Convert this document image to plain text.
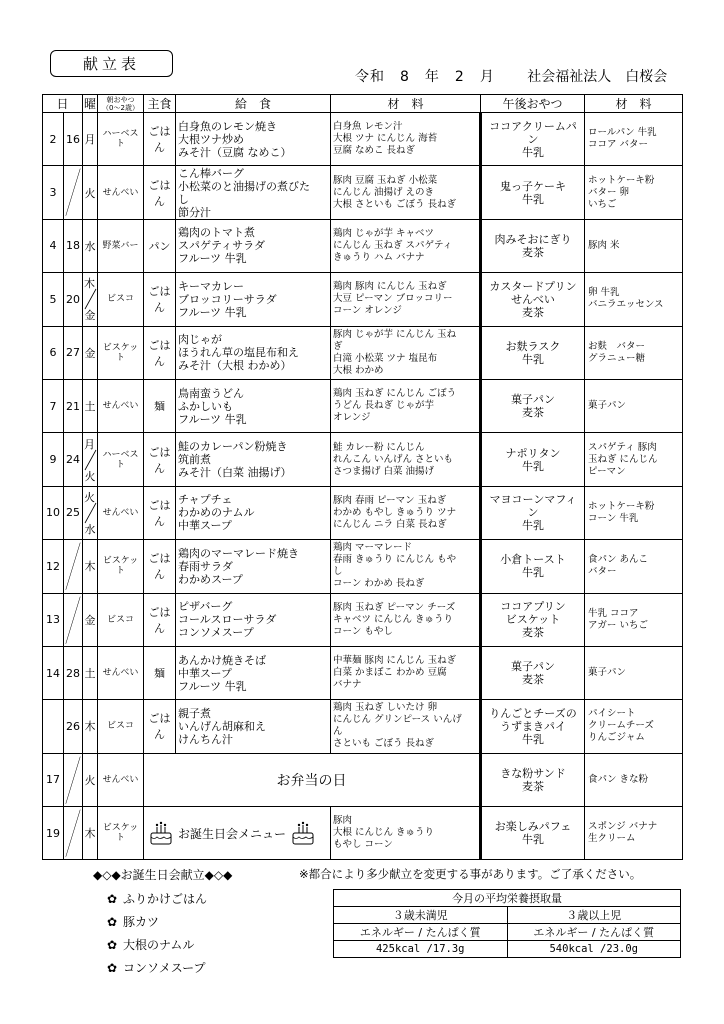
献立表
令和　8　年　2　月 社会福祉法人　白桜会
日		曜	朝おやつ
（0～2歳）	主食	給　食	材　料	午後おやつ	材　料
2	16	月	ハーベス
ト	ごはん	白身魚のレモン焼き
大根ツナ炒め
みそ汁（豆腐 なめこ）	白身魚 レモン汁
大根 ツナ にんじん 海苔
豆腐 なめこ 長ねぎ	ココアクリームパ
ン
牛乳	ロールパン 牛乳
ココア バター

3		火	せんべい	ごはん	こん棒バーグ
小松菜のと油揚げの煮びた
し
節分汁	豚肉 豆腐 玉ねぎ 小松菜
にんじん 油揚げ えのき
大根 さといも ごぼう 長ねぎ	鬼っ子ケーキ
牛乳	ホットケーキ粉
バター 卵
いちご

4	18	水	野菜バー	パン	鶏肉のトマト煮
スパゲティサラダ
フルーツ 牛乳	鶏肉 じゃが芋 キャベツ
にんじん 玉ねぎ スパゲティ
きゅうり ハム バナナ	肉みそおにぎり
麦茶	豚肉 米

5	20	木
金	ビスコ	ごはん	キーマカレー
ブロッコリーサラダ
フルーツ 牛乳	鶏肉 豚肉 にんじん 玉ねぎ
大豆 ピーマン ブロッコリー
コーン オレンジ	カスタードプリン
せんべい
麦茶	卵 牛乳
バニラエッセンス

6	27	金	ビスケッ
ト	ごはん	肉じゃが
ほうれん草の塩昆布和え
みそ汁（大根 わかめ）	豚肉 じゃが芋 にんじん 玉ね
ぎ
白滝 小松菜 ツナ 塩昆布
大根 わかめ	お麩ラスク
牛乳	お麩　バター
グラニュー糖

7	21	土	せんべい	麺	鳥南蛮うどん
ふかしいも
フルーツ 牛乳	鶏肉 玉ねぎ にんじん ごぼう
うどん 長ねぎ じゃが芋
オレンジ	菓子パン
麦茶	菓子パン

9	24	月
火	ハーベス
ト	ごはん	鮭のカレーパン粉焼き
筑前煮
みそ汁（白菜 油揚げ）	鮭 カレー粉 にんじん
れんこん いんげん さといも
さつま揚げ 白菜 油揚げ	ナポリタン
牛乳	スパゲティ 豚肉
玉ねぎ にんじん
ピーマン

10	25	火
水	せんべい	ごはん	チャプチェ
わかめのナムル
中華スープ	豚肉 春雨 ピーマン 玉ねぎ
わかめ もやし きゅうり ツナ
にんじん ニラ 白菜 長ねぎ	マヨコーンマフィ
ン
牛乳	ホットケーキ粉
コーン 牛乳

12		木	ビスケッ
ト	ごはん	鶏肉のマーマレード焼き
春雨サラダ
わかめスープ	鶏肉 マーマレード
春雨 きゅうり にんじん もや
し
コーン わかめ 長ねぎ	小倉トースト
牛乳	食パン あんこ
バター

13		金	ビスコ	ごはん	ピザバーグ
コールスローサラダ
コンソメスープ	豚肉 玉ねぎ ピーマン チーズ
キャベツ にんじん きゅうり
コーン もやし	ココアプリン
ビスケット
麦茶	牛乳 ココア
アガー いちご

14	28	土	せんべい	麺	あんかけ焼きそば
中華スープ
フルーツ 牛乳	中華麺 豚肉 にんじん 玉ねぎ
白菜 かまぼこ わかめ 豆腐
バナナ	菓子パン
麦茶	菓子パン

	26	木	ビスコ	ごはん	親子煮
いんげん胡麻和え
けんちん汁	鶏肉 玉ねぎ しいたけ 卵
にんじん グリンピース いんげ
ん
さといも ごぼう 長ねぎ	りんごとチーズの
うずまきパイ
牛乳	パイシート
クリームチーズ
りんごジャム

17		火	せんべい	お弁当の日			きな粉サンド
麦茶	食パン きな粉

19		木	ビスケッ
ト	お誕生日会メニュー		豚肉
大根 にんじん きゅうり
もやし コーン	お楽しみパフェ
牛乳	スポンジ バナナ
生クリーム
◆◇◆お誕生日会献立◆◇◆	※都合により多少献立を変更する事があります。ご了承ください。
✿ ふりかけごはん
✿ 豚カツ
✿ 大根のナムル
✿ コンソメスープ
今月の平均栄養摂取量	
３歳未満児	３歳以上児
エネルギー / たんぱく質	エネルギー / たんぱく質
425kcal /17.3g	540kcal /23.0g
